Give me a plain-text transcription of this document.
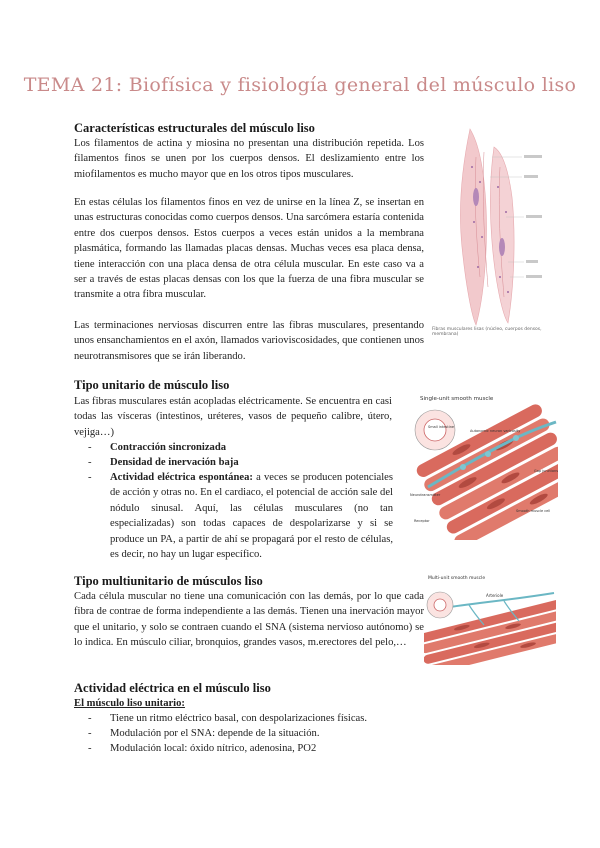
TEMA 21: Biofísica y fisiología general del músculo liso
Características estructurales del músculo liso
Los filamentos de actina y miosina no presentan una distribución repetida. Los filamentos finos se unen por los cuerpos densos. El deslizamiento entre los miofilamentos es mucho mayor que en los otros tipos musculares.
En estas células los filamentos finos en vez de unirse en la línea Z, se insertan en unas estructuras conocidas como cuerpos densos. Una sarcómera estaría contenida entre dos cuerpos densos. Estos cuerpos a veces están unidos a la membrana plasmática, formando las llamadas placas densas. Muchas veces esa placa densa, tiene interacción con una placa densa de otra célula muscular. En este caso va a ser a través de estas placas densas con los que la fuerza de una fibra muscular se transmite a otra fibra muscular.
Las terminaciones nerviosas discurren entre las fibras musculares, presentando unos ensanchamientos en el axón, llamados varioviscosidades, que contienen unos neurotransmisores que se irán liberando.
Fibras musculares lisas (núcleo, cuerpos densos, membrana)
Tipo unitario de músculo liso
Las fibras musculares están acopladas eléctricamente. Se encuentra en casi todas las vísceras (intestinos, uréteres, vasos de pequeño calibre, útero, vejiga…)
- Contracción sincronizada
- Densidad de inervación baja
- Actividad eléctrica espontánea: a veces se producen potenciales de acción y otras no. En el cardiaco, el potencial de acción sale del nódulo sinusal. Aquí, las células musculares (no tan especializadas) son todas capaces de despolarizarse y si se produce un PA, a partir de ahí se propagará por el resto de células, es decir, no hay un lugar específico.
Single-unit smooth muscle
Small intestine
Autonomic neuron varicosity
Gap junctions
Neurotransmitter
Smooth muscle cell
Receptor
Tipo multiunitario de músculos liso
Cada célula muscular no tiene una comunicación con las demás, por lo que cada fibra de contrae de forma independiente a las demás. Tienen una inervación mayor que el unitario, y solo se contraen cuando el SNA (sistema nervioso autónomo) se lo indica. En músculo ciliar, bronquios, grandes vasos, m.erectores del pelo,…
Multi-unit smooth muscle
Arteriole
Actividad eléctrica en el músculo liso
El músculo liso unitario:
- Tiene un ritmo eléctrico basal, con despolarizaciones físicas.
- Modulación por el SNA: depende de la situación.
- Modulación local: óxido nítrico, adenosina, PO2
